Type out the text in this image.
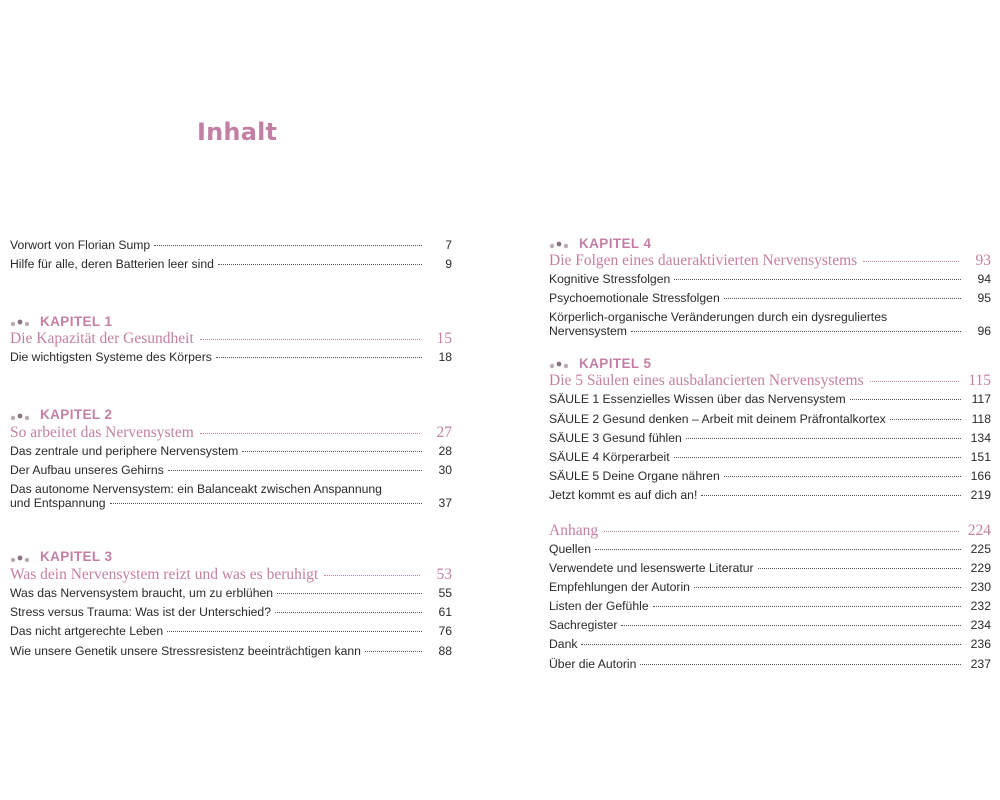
Inhalt
Vorwort von Florian Sump	7
Hilfe für alle, deren Batterien leer sind	9
KAPITEL 1
Die Kapazität der Gesundheit	15
Die wichtigsten Systeme des Körpers	18
KAPITEL 2
So arbeitet das Nervensystem	27
Das zentrale und periphere Nervensystem	28
Der Aufbau unseres Gehirns	30
Das autonome Nervensystem: ein Balanceakt zwischen Anspannung
und Entspannung	37
KAPITEL 3
Was dein Nervensystem reizt und was es beruhigt	53
Was das Nervensystem braucht, um zu erblühen	55
Stress versus Trauma: Was ist der Unterschied?	61
Das nicht artgerechte Leben	76
Wie unsere Genetik unsere Stressresistenz beeinträchtigen kann	88
KAPITEL 4
Die Folgen eines daueraktivierten Nervensystems	93
Kognitive Stressfolgen	94
Psychoemotionale Stressfolgen	95
Körperlich-organische Veränderungen durch ein dysreguliertes
Nervensystem	96
KAPITEL 5
Die 5 Säulen eines ausbalancierten Nervensystems	115
SÄULE 1 Essenzielles Wissen über das Nervensystem	117
SÄULE 2 Gesund denken – Arbeit mit deinem Präfrontalkortex	118
SÄULE 3 Gesund fühlen	134
SÄULE 4 Körperarbeit	151
SÄULE 5 Deine Organe nähren	166
Jetzt kommt es auf dich an!	219
Anhang	224
Quellen	225
Verwendete und lesenswerte Literatur	229
Empfehlungen der Autorin	230
Listen der Gefühle	232
Sachregister	234
Dank	236
Über die Autorin	237
